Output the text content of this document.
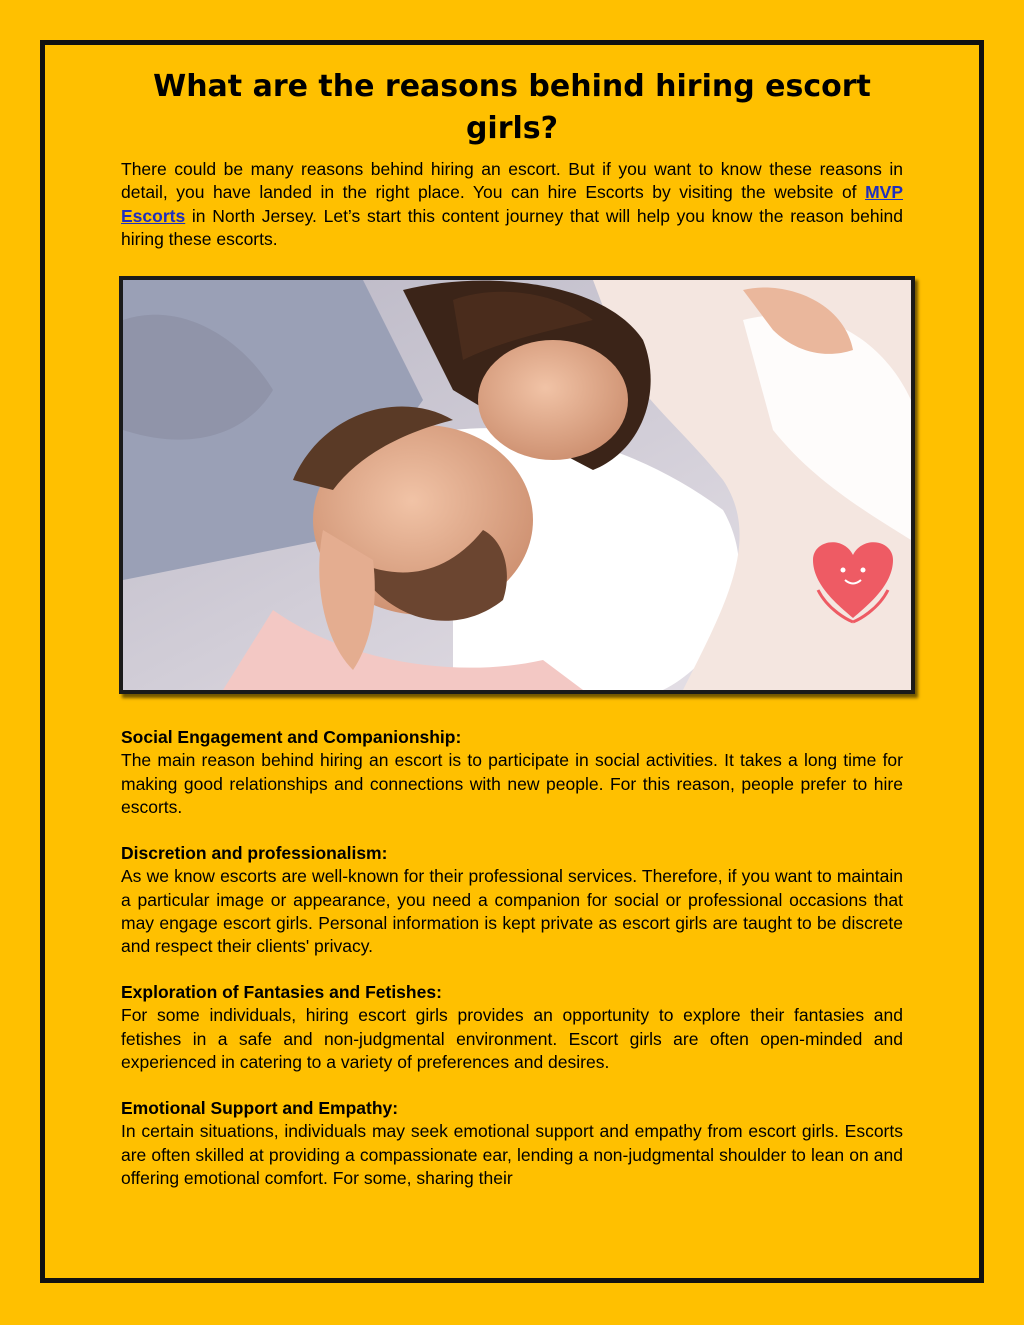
What are the reasons behind hiring escort girls?

There could be many reasons behind hiring an escort. But if you want to know these reasons in detail, you have landed in the right place. You can hire Escorts by visiting the website of MVP Escorts in North Jersey. Let’s start this content journey that will help you know the reason behind hiring these escorts.

Social Engagement and Companionship:
The main reason behind hiring an escort is to participate in social activities. It takes a long time for making good relationships and connections with new people. For this reason, people prefer to hire escorts.

Discretion and professionalism:
As we know escorts are well-known for their professional services. Therefore, if you want to maintain a particular image or appearance, you need a companion for social or professional occasions that may engage escort girls. Personal information is kept private as escort girls are taught to be discrete and respect their clients' privacy.

Exploration of Fantasies and Fetishes:
For some individuals, hiring escort girls provides an opportunity to explore their fantasies and fetishes in a safe and non-judgmental environment. Escort girls are often open-minded and experienced in catering to a variety of preferences and desires.

Emotional Support and Empathy:
In certain situations, individuals may seek emotional support and empathy from escort girls. Escorts are often skilled at providing a compassionate ear, lending a non-judgmental shoulder to lean on and offering emotional comfort. For some, sharing their
